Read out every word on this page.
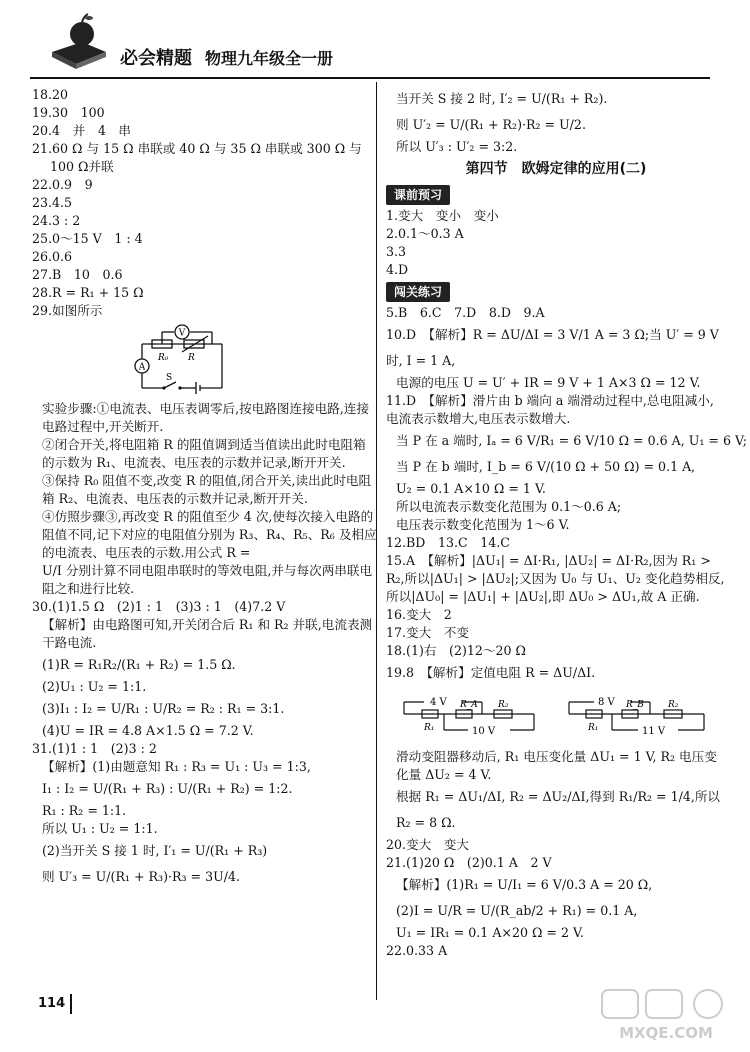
必会精题 物理九年级全一册

18.20

19.30　100

20.4　并　4　串

21.60 Ω 与 15 Ω 串联或 40 Ω 与 35 Ω 串联或 300 Ω 与

100 Ω并联

22.0.9　9

23.4.5

24.3 : 2

25.0～15 V　1 : 4

26.0.6

27.B　10　0.6

28.R = R₁ + 15 Ω

29.如图所示

V
A
R₀ R
S

实验步骤:①电流表、电压表调零后,按电路图连接电路,连接电路过程中,开关断开.

②闭合开关,将电阻箱 R 的阻值调到适当值读出此时电阻箱的示数为 R₁、电流表、电压表的示数并记录,断开开关.

③保持 R₀ 阻值不变,改变 R 的阻值,闭合开关,读出此时电阻箱 R₂、电流表、电压表的示数并记录,断开开关.

④仿照步骤③,再改变 R 的阻值至少 4 次,使每次接入电路的阻值不同,记下对应的电阻值分别为 R₃、R₄、R₅、R₆ 及相应的电流表、电压表的示数.用公式 R =

U/I 分别计算不同电阻串联时的等效电阻,并与每次两串联电阻之和进行比较.

30.(1)1.5 Ω　(2)1 : 1　(3)3 : 1　(4)7.2 V

【解析】由电路图可知,开关闭合后 R₁ 和 R₂ 并联,电流表测干路电流.

(1)R = R₁R₂/(R₁ + R₂) = 1.5 Ω.

(2)U₁ : U₂ = 1:1.

(3)I₁ : I₂ = U/R₁ : U/R₂ = R₂ : R₁ = 3:1.

(4)U = IR = 4.8 A×1.5 Ω = 7.2 V.

31.(1)1 : 1　(2)3 : 2

【解析】(1)由题意知 R₁ : R₃ = U₁ : U₃ = 1:3,

I₁ : I₂ = U/(R₁ + R₃) : U/(R₁ + R₂) = 1:2.

R₁ : R₂ = 1:1.

所以 U₁ : U₂ = 1:1.

(2)当开关 S 接 1 时, I′₁ = U/(R₁ + R₃)

则 U′₃ = U/(R₁ + R₃)·R₃ = 3U/4.

当开关 S 接 2 时, I′₂ = U/(R₁ + R₂).

则 U′₂ = U/(R₁ + R₂)·R₂ = U/2.

所以 U′₃ : U′₂ = 3:2.

第四节　欧姆定律的应用(二)
课前预习

1.变大　变小　变小

2.0.1～0.3 A

3.3

4.D

闯关练习

5.B　6.C　7.D　8.D　9.A

10.D　【解析】R = ΔU/ΔI = 3 V/1 A = 3 Ω;当 U′ = 9 V 时, I = 1 A,

电源的电压 U = U′ + IR = 9 V + 1 A×3 Ω = 12 V.

11.D　【解析】滑片由 b 端向 a 端滑动过程中,总电阻减小,电流表示数增大,电压表示数增大.

当 P 在 a 端时, Iₐ = 6 V/R₁ = 6 V/10 Ω = 0.6 A, U₁ = 6 V;

当 P 在 b 端时, I_b = 6 V/(10 Ω + 50 Ω) = 0.1 A,

U₂ = 0.1 A×10 Ω = 1 V.

所以电流表示数变化范围为 0.1～0.6 A;

电压表示数变化范围为 1～6 V.

12.BD　13.C　14.C

15.A　【解析】|ΔU₁| = ΔI·R₁, |ΔU₂| = ΔI·R₂,因为 R₁ > R₂,所以|ΔU₁| > |ΔU₂|;又因为 U₀ 与 U₁、U₂ 变化趋势相反,所以|ΔU₀| = |ΔU₁| + |ΔU₂|,即 ΔU₀ > ΔU₁,故 A 正确.

16.变大　2

17.变大　不变

18.(1)右　(2)12～20 Ω

19.8　【解析】定值电阻 R = ΔU/ΔI.

4 V
10 V
R_A R₂
R₁
8 V
11 V
R_B	R₂
R₁

滑动变阻器移动后, R₁ 电压变化量 ΔU₁ = 1 V, R₂ 电压变化量 ΔU₂ = 4 V.

根据 R₁ = ΔU₁/ΔI, R₂ = ΔU₂/ΔI,得到 R₁/R₂ = 1/4,所以 R₂ = 8 Ω.

20.变大　变大

21.(1)20 Ω　(2)0.1 A　2 V

【解析】(1)R₁ = U/I₁ = 6 V/0.3 A = 20 Ω,

(2)I = U/R = U/(R_ab/2 + R₁) = 0.1 A,

U₁ = IR₁ = 0.1 A×20 Ω = 2 V.

22.0.33 A

114
MXQE.COM
